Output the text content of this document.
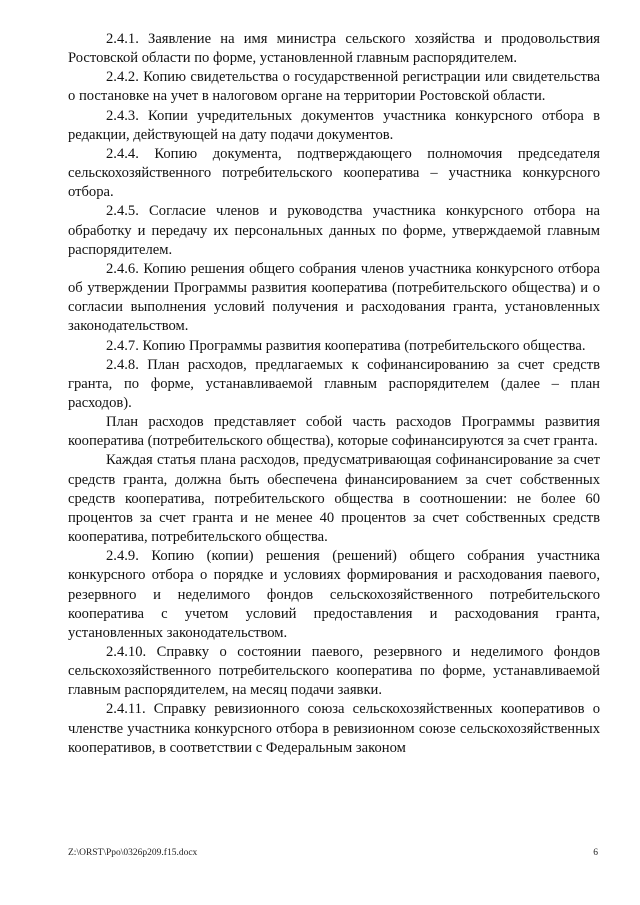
2.4.1. Заявление на имя министра сельского хозяйства и продовольствия Ростовской области по форме, установленной главным распорядителем.

2.4.2. Копию свидетельства о государственной регистрации или свидетельства о постановке на учет в налоговом органе на территории Ростовской области.

2.4.3. Копии учредительных документов участника конкурсного отбора в редакции, действующей на дату подачи документов.

2.4.4. Копию документа, подтверждающего полномочия председателя сельскохозяйственного потребительского кооператива – участника конкурсного отбора.

2.4.5. Согласие членов и руководства участника конкурсного отбора на обработку и передачу их персональных данных по форме, утверждаемой главным распорядителем.

2.4.6. Копию решения общего собрания членов участника конкурсного отбора об утверждении Программы развития кооператива (потребительского общества) и о согласии выполнения условий получения и расходования гранта, установленных законодательством.

2.4.7. Копию Программы развития кооператива (потребительского общества.

2.4.8. План расходов, предлагаемых к софинансированию за счет средств гранта, по форме, устанавливаемой главным распорядителем (далее – план расходов).

План расходов представляет собой часть расходов Программы развития кооператива (потребительского общества), которые софинансируются за счет гранта.

Каждая статья плана расходов, предусматривающая софинансирование за счет средств гранта, должна быть обеспечена финансированием за счет собственных средств кооператива, потребительского общества в соотношении: не более 60 процентов за счет гранта и не менее 40 процентов за счет собственных средств кооператива, потребительского общества.

2.4.9. Копию (копии) решения (решений) общего собрания участника конкурсного отбора о порядке и условиях формирования и расходования паевого, резервного и неделимого фондов сельскохозяйственного потребительского кооператива с учетом условий предоставления и расходования гранта, установленных законодательством.

2.4.10. Справку о состоянии паевого, резервного и неделимого фондов сельскохозяйственного потребительского кооператива по форме, устанавливаемой главным распорядителем, на месяц подачи заявки.

2.4.11. Справку ревизионного союза сельскохозяйственных кооперативов о членстве участника конкурсного отбора в ревизионном союзе сельскохозяйственных кооперативов, в соответствии с Федеральным законом

Z:\ORST\Ppo\0326p209.f15.docx	6
